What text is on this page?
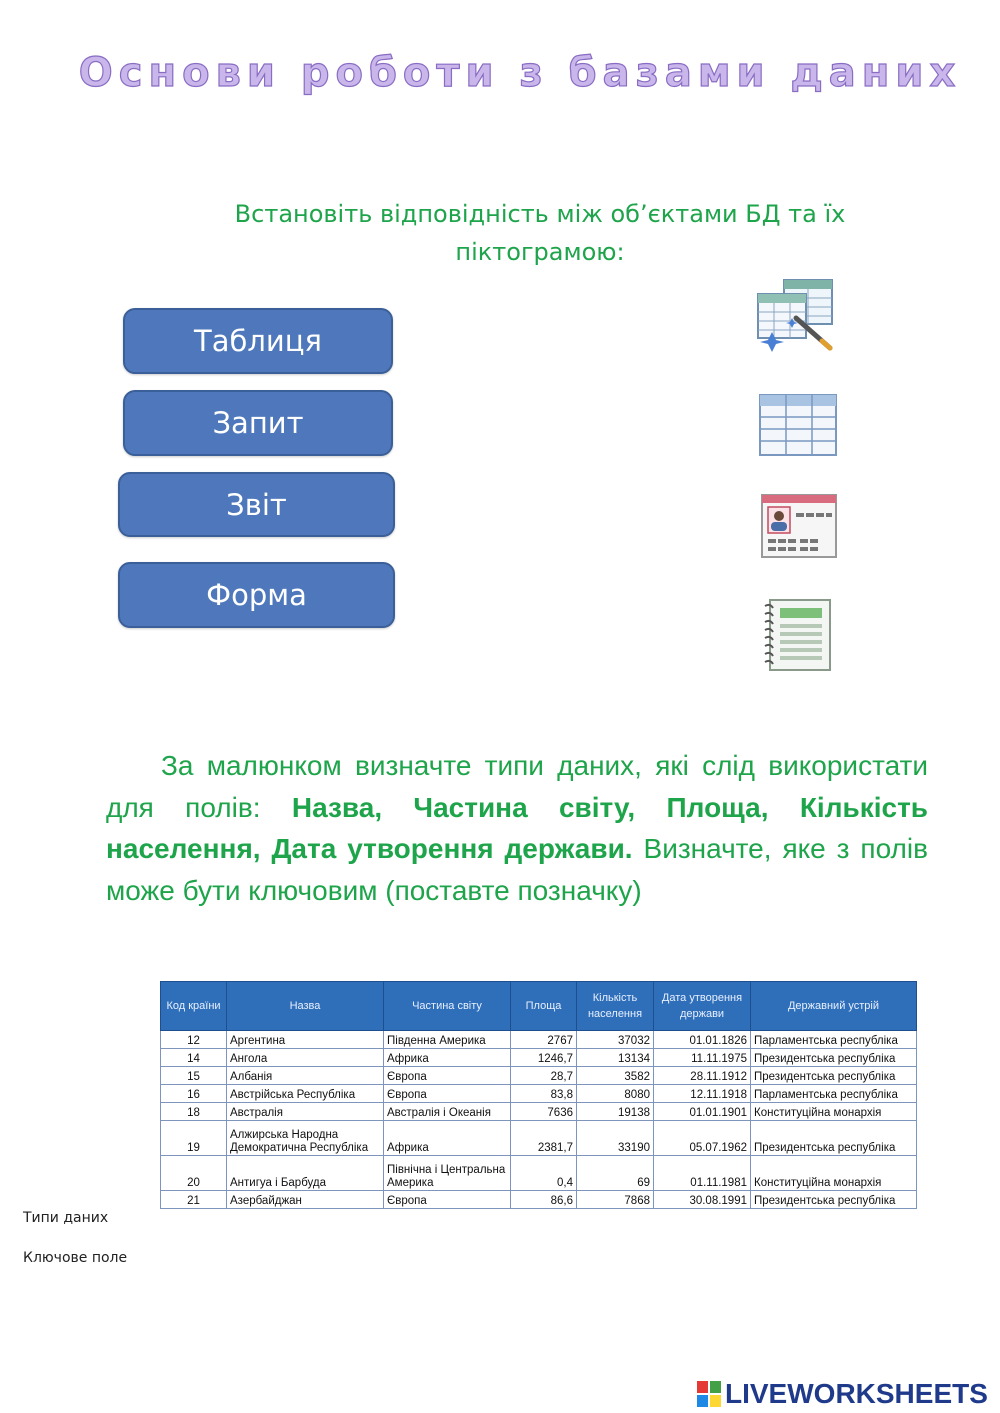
Основи роботи з базами даних
Встановіть відповідність між об’єктами БД та їх піктограмою:
Таблиця
Запит
Звіт
Форма
За малюнком визначте типи даних, які слід використати для полів: Назва, Частина світу, Площа, Кількість населення, Дата утворення держави. Визначте, яке з полів може бути ключовим (поставте позначку)
Код країни	Назва	Частина світу	Площа	Кількість населення	Дата утворення держави	Державний устрій
12	Аргентина	Південна Америка	2767	37032	01.01.1826	Парламентська республіка
14	Ангола	Африка	1246,7	13134	11.11.1975	Президентська республіка
15	Албанія	Європа	28,7	3582	28.11.1912	Президентська республіка
16	Австрійська Республіка	Європа	83,8	8080	12.11.1918	Парламентська республіка
18	Австралія	Австралія і Океанія	7636	19138	01.01.1901	Конституційна монархія
19	Алжирська Народна Демократична Республіка	Африка	2381,7	33190	05.07.1962	Президентська республіка
20	Антигуа і Барбуда	Північна і Центральна Америка	0,4	69	01.11.1981	Конституційна монархія
21	Азербайджан	Європа	86,6	7868	30.08.1991	Президентська республіка
Типи даних
Ключове поле
LIVEWORKSHEETS
